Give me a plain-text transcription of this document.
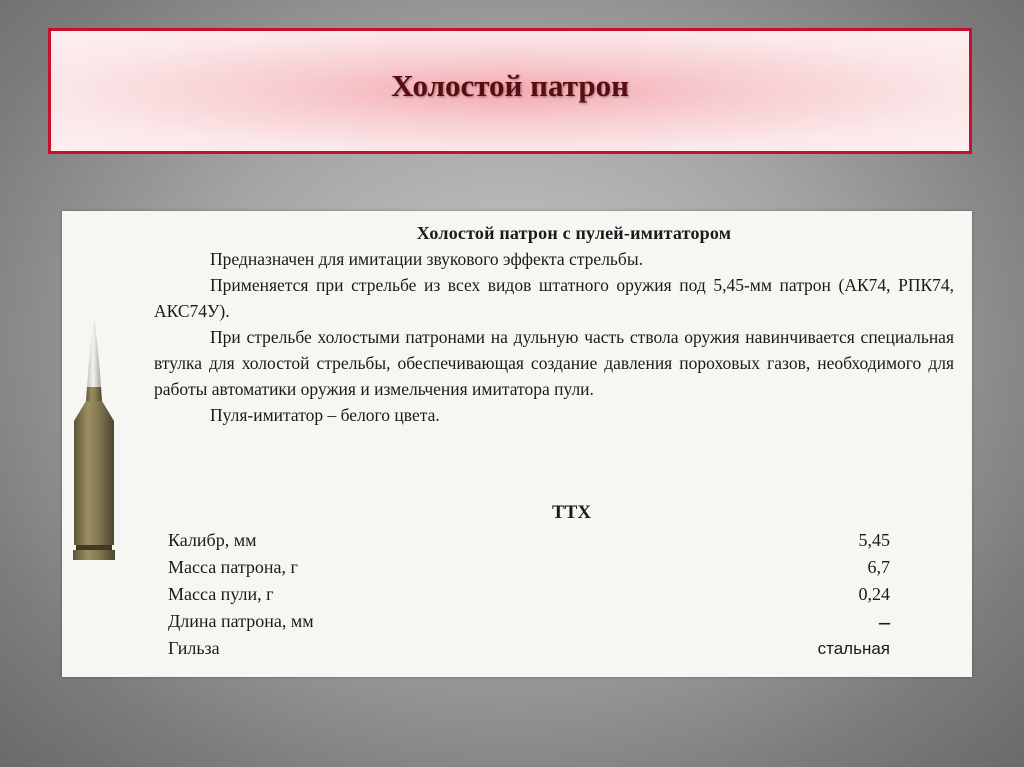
Холостой патрон
Холостой патрон с пулей-имитатором

Предназначен для имитации звукового эффекта стрельбы.

Применяется при стрельбе из всех видов штатного оружия под 5,45-мм патрон (АК74, РПК74, АКС74У).

При стрельбе холостыми патронами на дульную часть ствола оружия навинчивается специальная втулка для холостой стрельбы, обеспечивающая создание давления пороховых газов, необходимого для работы автоматики оружия и измельчения имитатора пули.

Пуля-имитатор – белого цвета.

ТТХ
Калибр, мм	5,45
Масса патрона, г	6,7
Масса пули, г	0,24
Длина патрона, мм	–
Гильза	стальная
